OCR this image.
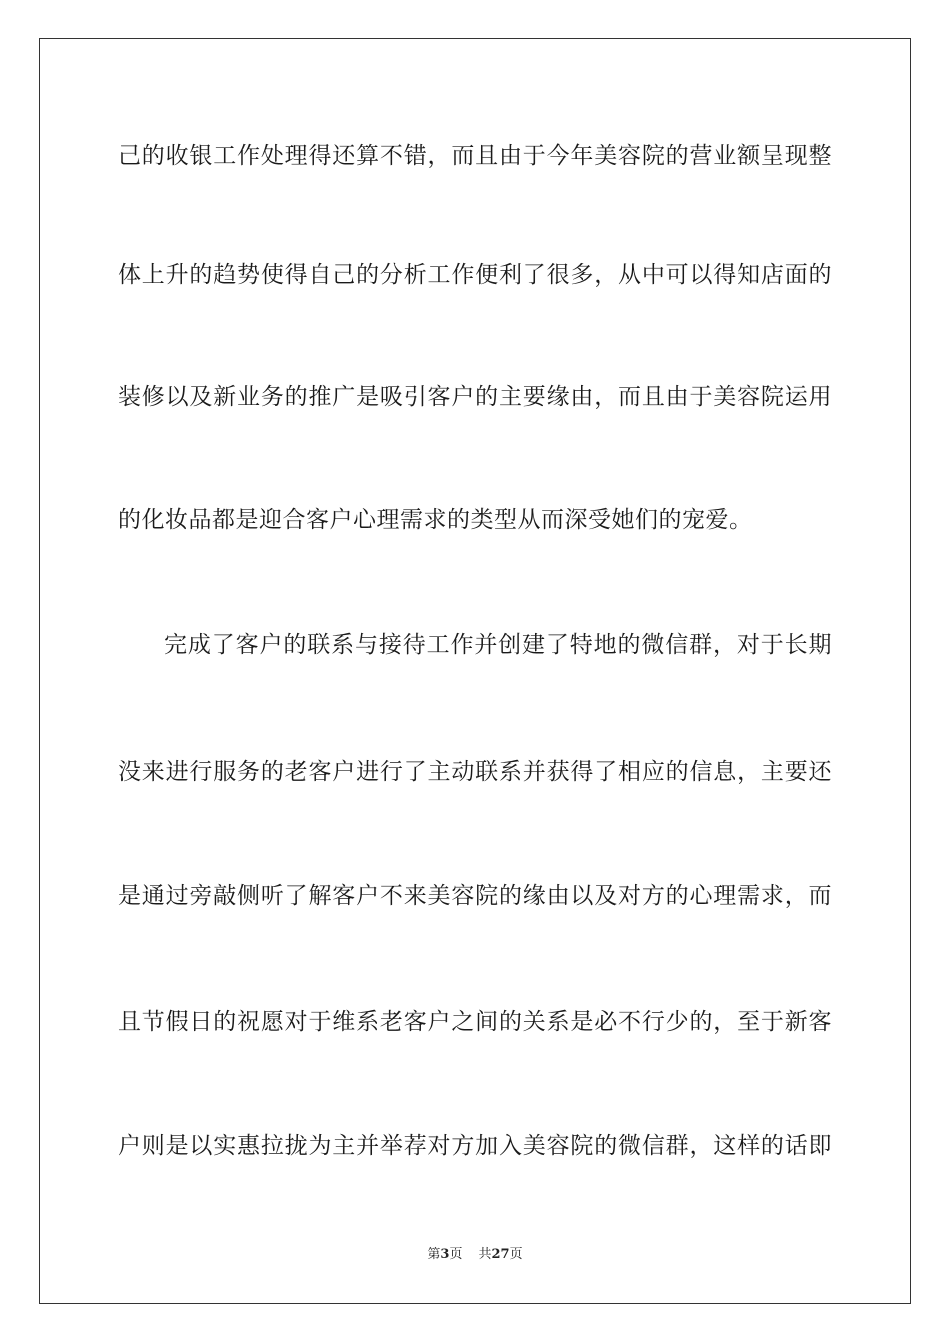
己的收银工作处理得还算不错，而且由于今年美容院的营业额呈现整
体上升的趋势使得自己的分析工作便利了很多，从中可以得知店面的
装修以及新业务的推广是吸引客户的主要缘由，而且由于美容院运用
的化妆品都是迎合客户心理需求的类型从而深受她们的宠爱。
完成了客户的联系与接待工作并创建了特地的微信群，对于长期
没来进行服务的老客户进行了主动联系并获得了相应的信息，主要还
是通过旁敲侧听了解客户不来美容院的缘由以及对方的心理需求，而
且节假日的祝愿对于维系老客户之间的关系是必不行少的，至于新客
户则是以实惠拉拢为主并举荐对方加入美容院的微信群，这样的话即
第3页 共27页
